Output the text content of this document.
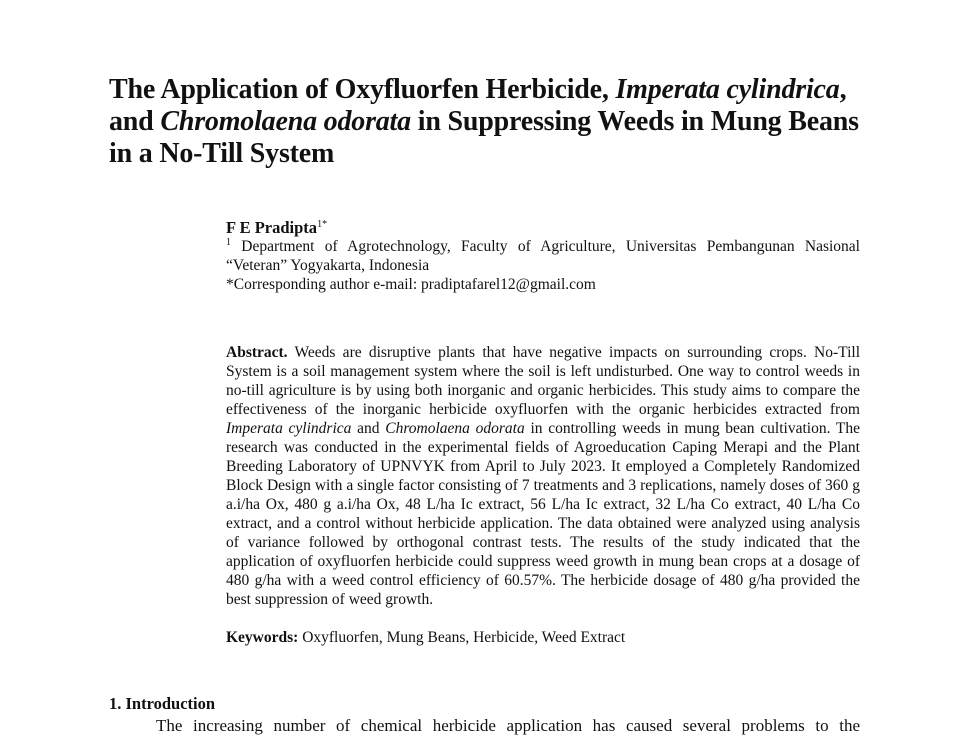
The Application of Oxyfluorfen Herbicide, Imperata cylindrica, and Chromolaena odorata in Suppressing Weeds in Mung Beans in a No-Till System
F E Pradipta$^{1*}$
$^1$ Department of Agrotechnology, Faculty of Agriculture, Universitas Pembangunan Nasional “Veteran” Yogyakarta, Indonesia
*Corresponding author e-mail: pradiptafarel12@gmail.com

Abstract. Weeds are disruptive plants that have negative impacts on surrounding crops. No-Till System is a soil management system where the soil is left undisturbed. One way to control weeds in no-till agriculture is by using both inorganic and organic herbicides. This study aims to compare the effectiveness of the inorganic herbicide oxyfluorfen with the organic herbicides extracted from Imperata cylindrica and Chromolaena odorata in controlling weeds in mung bean cultivation. The research was conducted in the experimental fields of Agroeducation Caping Merapi and the Plant Breeding Laboratory of UPNVYK from April to July 2023. It employed a Completely Randomized Block Design with a single factor consisting of 7 treatments and 3 replications, namely doses of 360 g a.i/ha Ox, 480 g a.i/ha Ox, 48 L/ha Ic extract, 56 L/ha Ic extract, 32 L/ha Co extract, 40 L/ha Co extract, and a control without herbicide application. The data obtained were analyzed using analysis of variance followed by orthogonal contrast tests. The results of the study indicated that the application of oxyfluorfen herbicide could suppress weed growth in mung bean crops at a dosage of 480 g/ha with a weed control efficiency of 60.57%. The herbicide dosage of 480 g/ha provided the best suppression of weed growth.

Keywords: Oxyfluorfen, Mung Beans, Herbicide, Weed Extract
1. Introduction

The increasing number of chemical herbicide application has caused several problems to the
